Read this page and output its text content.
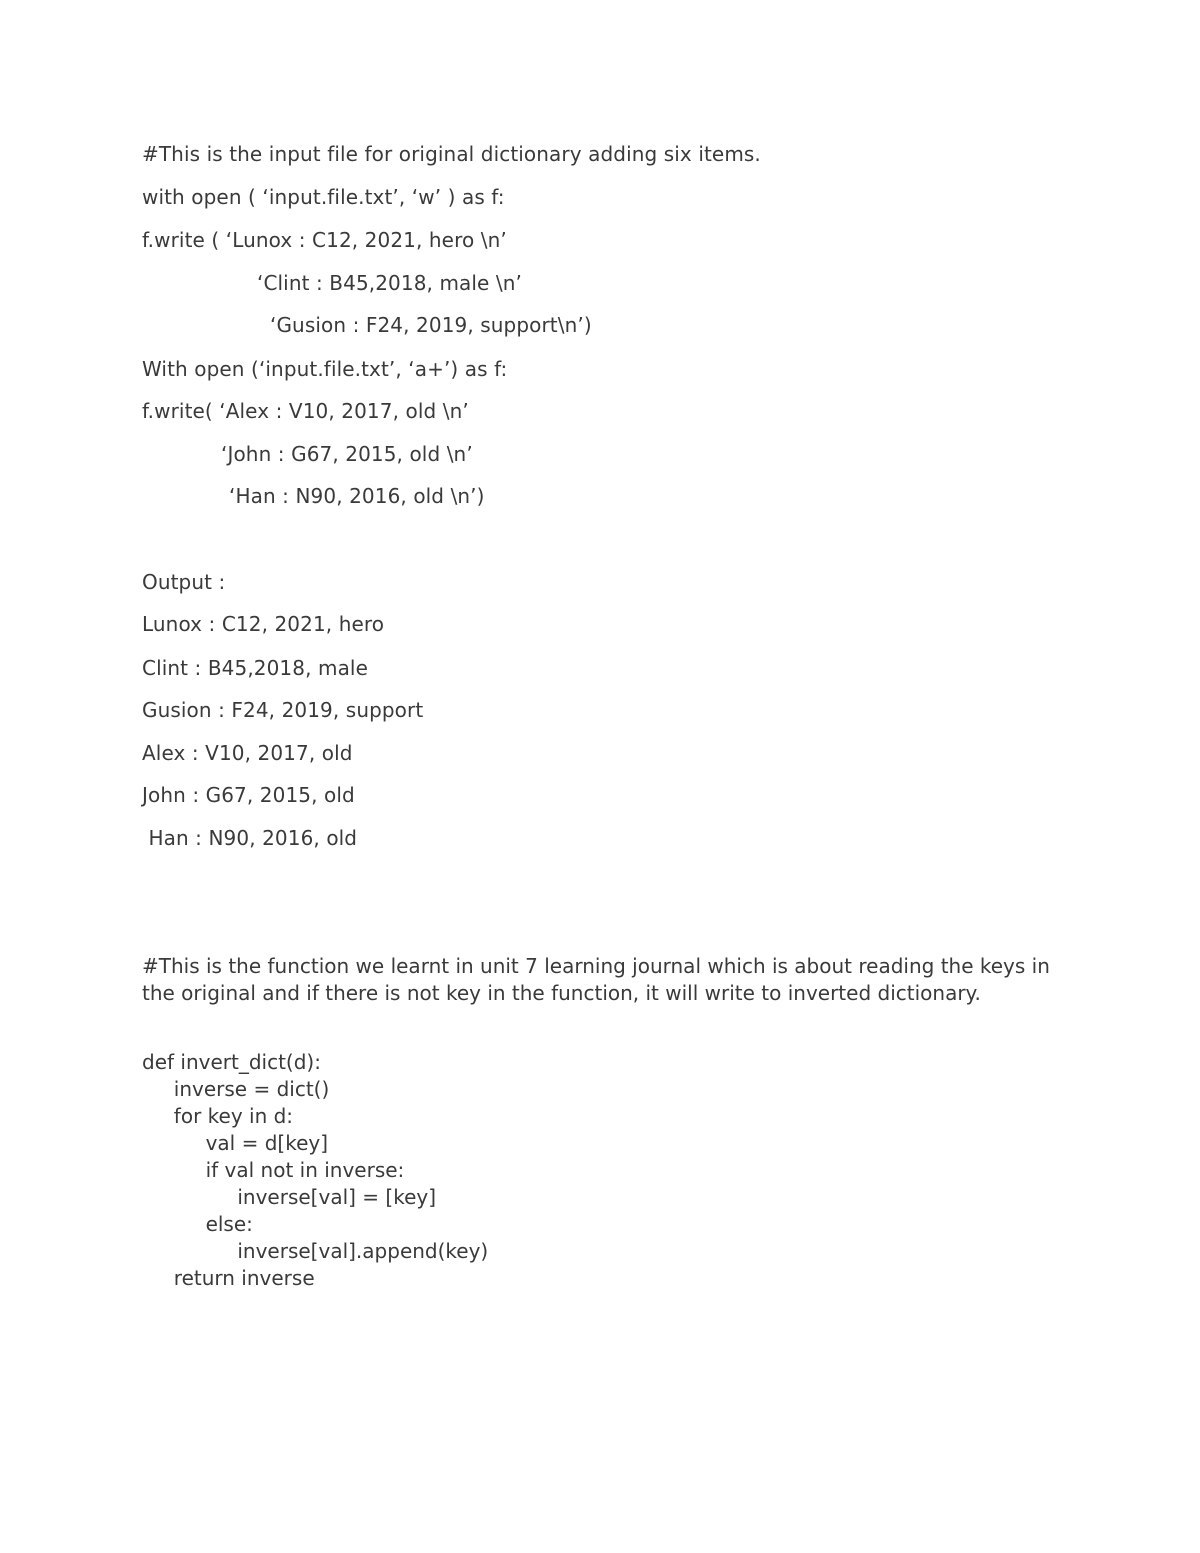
#This is the input file for original dictionary adding six items.
with open ( ‘input.file.txt’, ‘w’ ) as f:
f.write ( ‘Lunox : C12, 2021, hero \n’
‘Clint : B45,2018, male \n’
‘Gusion : F24, 2019, support\n’)
With open (‘input.file.txt’, ‘a+’) as f:
f.write( ‘Alex : V10, 2017, old \n’
‘John : G67, 2015, old \n’
‘Han : N90, 2016, old \n’)
Output :
Lunox : C12, 2021, hero
Clint : B45,2018, male
Gusion : F24, 2019, support
Alex : V10, 2017, old
John : G67, 2015, old
Han : N90, 2016, old
#This is the function we learnt in unit 7 learning journal which is about reading the keys in the original and if there is not key in the function, it will write to inverted dictionary.
def invert_dict(d):
inverse = dict()
for key in d:
val = d[key]
if val not in inverse:
inverse[val] = [key]
else:
inverse[val].append(key)
return inverse
